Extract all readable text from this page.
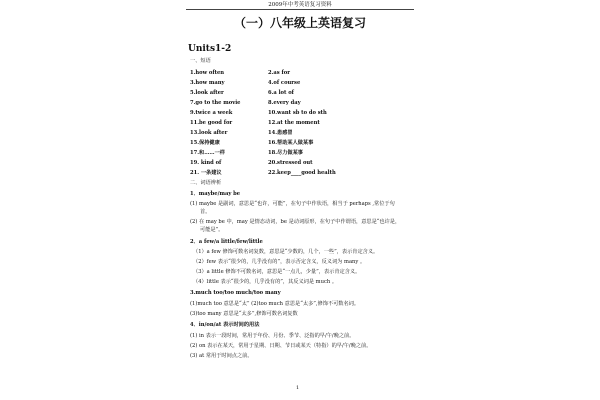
2009年中考英语复习资料
（一）八年级上英语复习
Units1-2
一、短语
1.how often
3.how many
5.look after
7.go to the movie
9.twice a week
11.be good for
13.look after
15.保持健康
17.和……一样
19. kind of
21. 一条建议
2.as for
4.of course
6.a lot of
8.every day
10.want sb to do sth
12.at the moment
14.患感冒
16.帮助某人做某事
18.尽力做某事
20.stressed out
22.keep____good health
二、词语辨析
1．maybe/may be
(1) maybe 是副词，意思是“也许，可能”，在句子中作状语，相当于 perhaps ,常位于句
首。
(2) 在 may be 中，may 是情态动词，be 是动词原形，在句子中作谓语，意思是“也许是，
可能是”。
2．a few/a little/few/little
（1）a few 修饰可数名词复数，意思是“少数的，几个，一些”，表示肯定含义。
（2）few 表示“很少的，几乎没有的”，表示否定含义，反义词为 many 。
（3）a little 修饰不可数名词，意思是“一点儿，少量”，表示肯定含义。
（4）little 表示“很少的，几乎没有的”，其反义词是 much 。
3.much too/too much/too many
(1)much too 意思是“太” (2)too much 意思是“太多”,修饰不可数名词。
(3)too many 意思是“太多”,修饰可数名词复数
4．in/on/at 表示时间的用法
(1) in 表示一段时间，常用于年份、月份、季节、泛指的早/午/晚之前。
(2) on 表示在某天，常用于星期、日期、节日或某天（特指）的早/午/晚之前。
(3) at 常用于时间点之前。
1
